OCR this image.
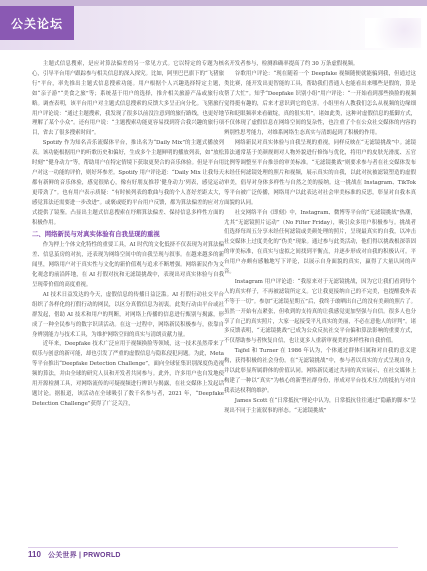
公关论坛

主题式信息搜索，是应对算法偏差的另一常见方式。它以特定的专题为核心，引导平台用户跟踪参与相关信息的深入探究。比如，阿里巴巴旗下的“飞猪旅行”平台，率先推出主题式信息搜索功能。用户根据个人兴趣选择特定主题，如“亲子游”“美食之旅”等；系统基于用户的选择，推介相关旅游产品或旅行攻略。调查表明，该平台用户对主题式信息搜索的反馈大多呈正向分化。飞猪旅行用户评论说：“通过主题搜索，我发现了很多以前没注意到的旅行路线，也更好地理解了某个小众”。还有用户说：“主题搜索功能更容易找到符合我兴趣的旅行项目，省去了很多搜索时间”。

Spotify 作为知名音乐流媒体平台，推出名为“Daily Mix”的主题式播放列表。该功能根据用户的听歌历史和偏好，生成多个主题鲜明的播放列表，如“放松时刻”“健身动力”等，帮助用户在特定情境下获取更契合的音乐体验。但是平台用户对这一功能的评价，则好坏参差。Spotify 用户评论道：“Daily Mix 让我每天都有新鲜的音乐体验，感觉很贴心，像有好朋友推荐‘健身动力’列表，感觉运动更带劲了”。也有用户表示质疑：“有时候列表的歌曲与我的个人喜好差距太大，感觉算法还需要进一步改进”。或褒或贬的平台用户反馈，都为算法偏差的应对方式提供了镜鉴。凸显出主题式信息搜索在纾解算法偏差、保持信息多样性方面的积极作用。

二、网络新民与对真实体验有自我呈现的重视

作为押上个体文化特性的重要工具，AI 时代的文化低挤不仅表现为对算法偏差、信息茧房的对抗，还表现为网络空间中的自我呈现与叙事。在越来越多的新闻里，网络用户对于真实性与文化的新价值观与追求不断增强。网络新民作为文化观念的前沿阵地，在 AI 打假对抗和无滤镜挑战中，表现出对真实体验与自我呈现带价值的高度重视。

AI 技术日益发达的今天，虚假信息的传播日益泛滥。AI 打假行动社交平台组织了各样化的打假行动的网民，以区分真假信息为初衷。此类行动由平台或社群发起，借助 AI 技术和用户的判断，对网络上传播的信息进行甄别与揭露，形成了一种全民参与的数字识读活动。在这一过程中，网络新民积极参与，依靠自身辨别能力与技术工具，为维护网络空间的真实与清朗贡献力量。

近年来，Deepfake 技术广泛应用于视频换脸等领域，这一技术虽然带来了娱乐与创意的新可能，却也引发了严重的虚假信息与隐私侵犯问题。为此，Meta 等平台推出“Deepfake Detection Challenge”，面向全球征集识别深度伪造视频的算法，并由全球的研究人员和开发者共同参与。此外，许多用户也自发地使用开源检测工具，对网络流传的可疑视频进行辨识与揭露，在社交媒体上发起话题讨论。据报道，该活动在全球吸引了数千名参与者，2021 年，“Deepfake Detection Challenge”获得了广泛关注，

名开发者参与，检测准确率提高了约 30 万条虚假视频。

谷歌用户评论：“现在随着一个 Deepfake 视频随便就能骗到我，但通过这类比赛，能开发出更智能的工具，帮助我们普通人也能看出来哪些是假的，算是帮了大忙”。知乎“Deepfake 识别小组”用户评论：“一开始看到那些换脸的视频觉得挺有趣的，后来才意识到它的危害。小组里有人教我们怎么从视频的边缘细节和眨眼频率来看破绽，真的很实用”。诸如此类，这种对虚假信息的抵御方式，不仅体现了虚假信息在网络空间的复杂性，也注重了个在公众社交媒体的内容的辨别性思考能力，对维系网络生态真实与清朗起到了积极的作用。

网络新民对真实体验与自我呈现的重视，同样反映在“无滤镜挑战”中。滤镜算法通常基于美颜规则对人物外貌进行修饰与优化，将用户的皮肤光滑度、五官比例等调整至平台推崇的审美标准。“无滤镜挑战”则要求参与者在社交媒体发布未经任何滤镜处理的照片和视频，展示真实的自我，以此对抗被滤镜塑造的虚假审美，倡导对身体多样性与自然之美的接纳。这一挑战在 Instagram、TikTok 等平台被广泛传播，网络用户以此表达对社会审美标准的反思，彰显对自我本真面貌的认同。

社交网络平台《即刻》中，Instagram、微博等平台的“无滤镜挑战”热潮，尤其“无滤镜照片运动”（No Filter Friday），吸引众多用户积极参与。挑战者们选择每周五分享未经任何滤镜或美颜处理的照片，呈现最真实的自我，以冲击社交媒体上过度美化的“伪美”现象。通过参与此类活动，他们得以挑战根深蒂固的审美标准，在真实与虚拟之间找到平衡点，并逐步形成对自我的积极认可。平台用户亦颇有感触地写下评论，以展示自身面貌的真实，赢得了大量认同的声音。

Instagram 用户评论道：“我原来对于无滤镜挑战，因为它让我们看到每个人的真实样子，不再被滤镜所定义。它让我更接纳自己的不完美，也提醒我外表不等于一切”。参加“无滤镜星期五”后，我终于敢晒出自己的没有美颜的照片了。虽然一开始有点紧张，但收到的支持真的让我感觉更加坚强与自信。很多人也分享了自己的真实照片，大家一起接受平凡真实的美丽，不必在意他人的评判”。诸多反馈表明，“无滤镜挑战”已成为公众反抗社交平台偏和算法影响的重要方式，不仅帮助参与者恢复自信，也让更多人重新审视美的多样性和自我价值。

Tajfel 和 Turner 在 1986 年认为，个体通过群体归属和对自我的意义建构，获得积极的社会身份。在“无滤镜挑战”中，参与者以真实的方式呈现自身，并以此彰显所属群体的价值认同。网络新民通过共同的真实展示，在社交媒体上构建了一种以“真实”为核心的新型社群身份，形成对平台技术压力的抵抗与对自我表达权利的维护。

James Scott 在“日常抵抗”理论中认为，日常抵抗往往通过“隐蔽的脚本”呈现出不同于主流叙事的形态。“无滤镜挑战”

110 公关世界 | PRWORLD
